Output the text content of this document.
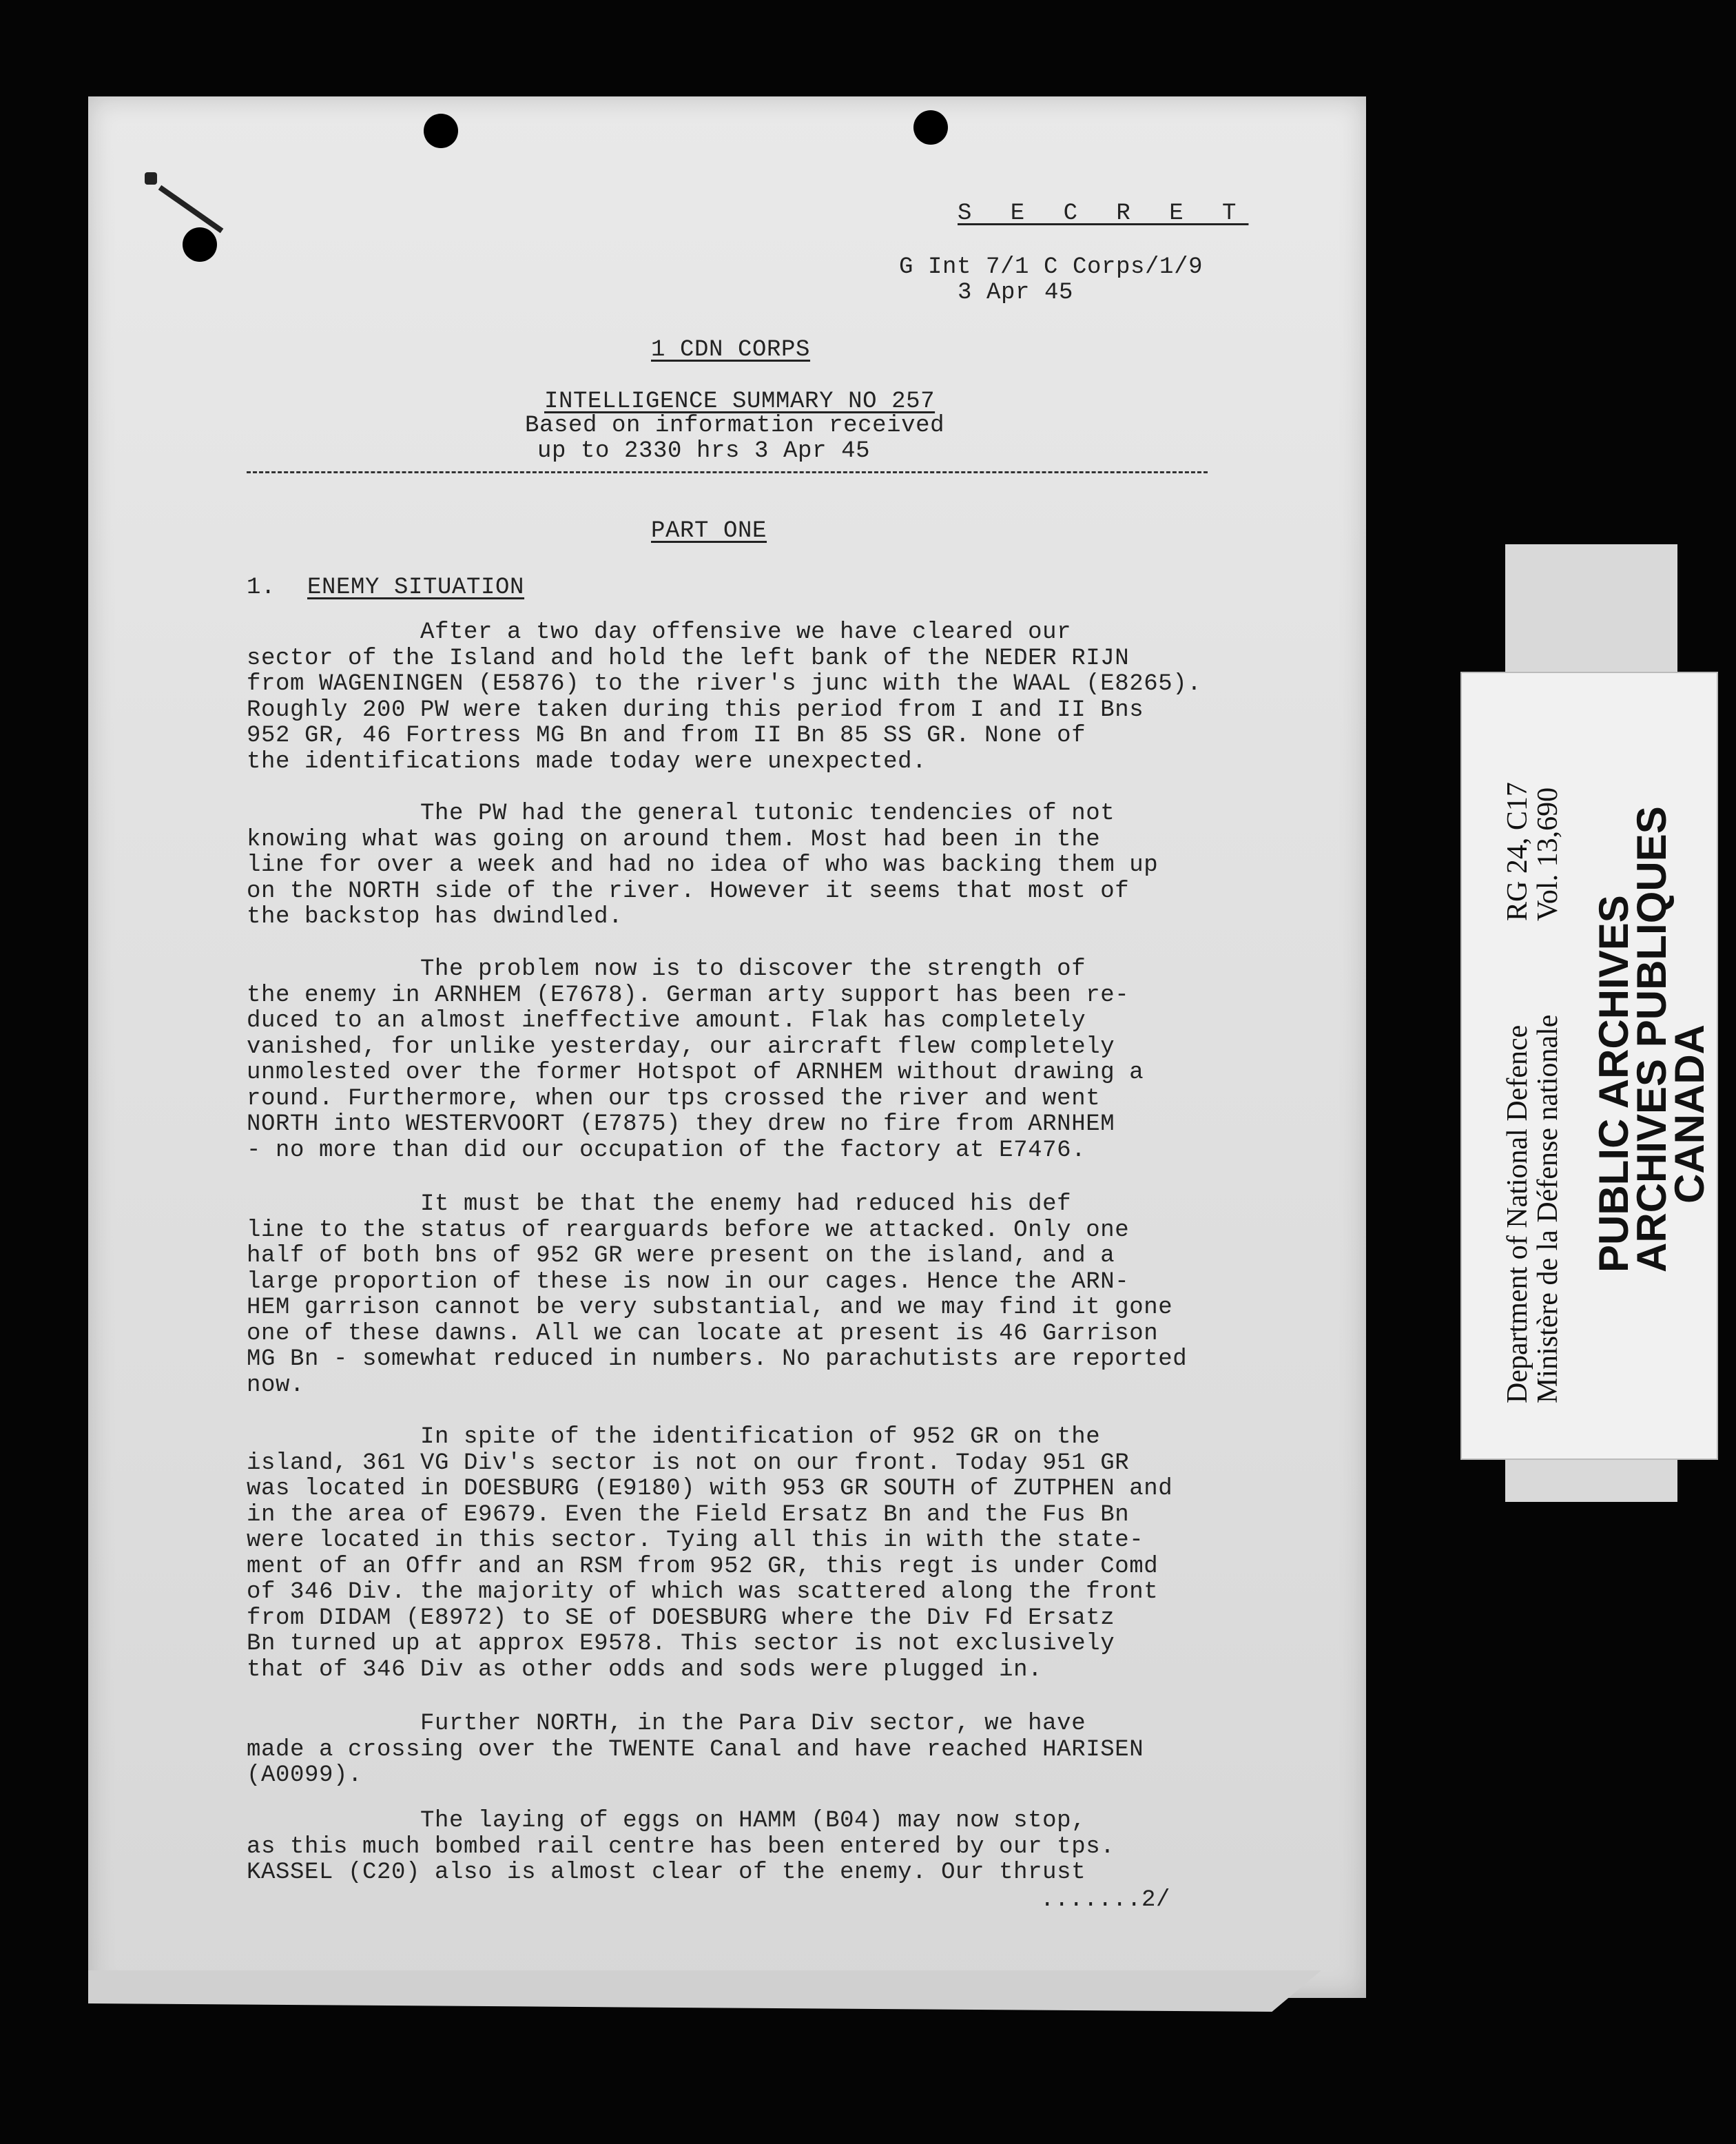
S E C R E T
G Int 7/1 C Corps/1/9
3 Apr 45
1 CDN CORPS
INTELLIGENCE SUMMARY NO 257
Based on information received
up to 2330 hrs 3 Apr 45
PART ONE
1. ENEMY SITUATION
After a two day offensive we have cleared our
sector of the Island and hold the left bank of the NEDER RIJN
from WAGENINGEN (E5876) to the river's junc with the WAAL (E8265).
Roughly 200 PW were taken during this period from I and II Bns
952 GR, 46 Fortress MG Bn and from II Bn 85 SS GR. None of
the identifications made today were unexpected.
The PW had the general tutonic tendencies of not
knowing what was going on around them. Most had been in the
line for over a week and had no idea of who was backing them up
on the NORTH side of the river. However it seems that most of
the backstop has dwindled.
The problem now is to discover the strength of
the enemy in ARNHEM (E7678). German arty support has been re-
duced to an almost ineffective amount. Flak has completely
vanished, for unlike yesterday, our aircraft flew completely
unmolested over the former Hotspot of ARNHEM without drawing a
round. Furthermore, when our tps crossed the river and went
NORTH into WESTERVOORT (E7875) they drew no fire from ARNHEM
- no more than did our occupation of the factory at E7476.
It must be that the enemy had reduced his def
line to the status of rearguards before we attacked. Only one
half of both bns of 952 GR were present on the island, and a
large proportion of these is now in our cages. Hence the ARN-
HEM garrison cannot be very substantial, and we may find it gone
one of these dawns. All we can locate at present is 46 Garrison
MG Bn - somewhat reduced in numbers. No parachutists are reported
now.
In spite of the identification of 952 GR on the
island, 361 VG Div's sector is not on our front. Today 951 GR
was located in DOESBURG (E9180) with 953 GR SOUTH of ZUTPHEN and
in the area of E9679. Even the Field Ersatz Bn and the Fus Bn
were located in this sector. Tying all this in with the state-
ment of an Offr and an RSM from 952 GR, this regt is under Comd
of 346 Div. the majority of which was scattered along the front
from DIDAM (E8972) to SE of DOESBURG where the Div Fd Ersatz
Bn turned up at approx E9578. This sector is not exclusively
that of 346 Div as other odds and sods were plugged in.
Further NORTH, in the Para Div sector, we have
made a crossing over the TWENTE Canal and have reached HARISEN
(A0099).
The laying of eggs on HAMM (B04) may now stop,
as this much bombed rail centre has been entered by our tps.
KASSEL (C20) also is almost clear of the enemy. Our thrust
.......2/
Department of National Defence
Ministère de la Défense nationale
RG 24, C17
Vol. 13,690
PUBLIC ARCHIVES
ARCHIVES PUBLIQUES
CANADA
